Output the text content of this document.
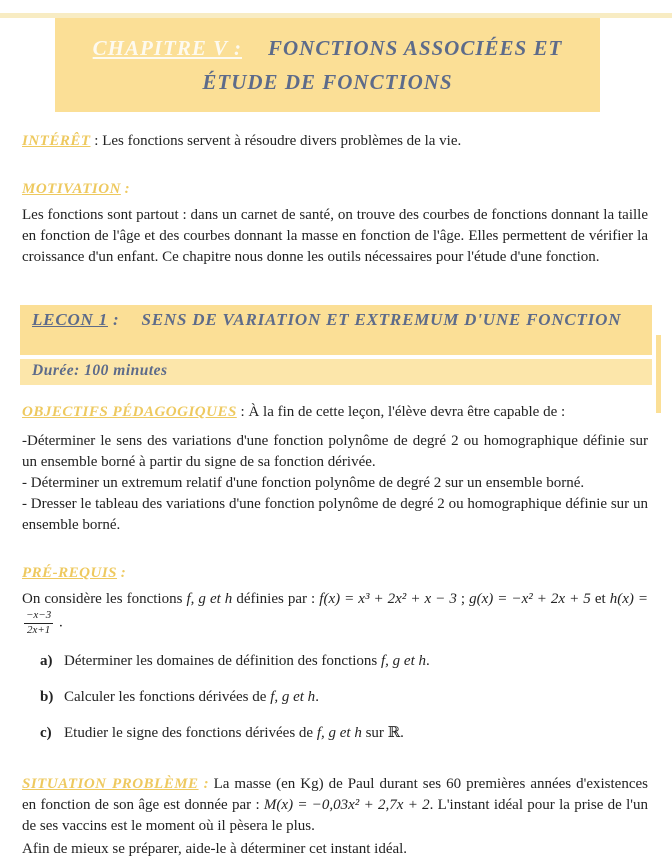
CHAPITRE V : FONCTIONS ASSOCIÉES ET
ÉTUDE DE FONCTIONS

INTÉRÊT : Les fonctions servent à résoudre divers problèmes de la vie.

MOTIVATION :

Les fonctions sont partout : dans un carnet de santé, on trouve des courbes de fonctions donnant la taille en fonction de l'âge et des courbes donnant la masse en fonction de l'âge. Elles permettent de vérifier la croissance d'un enfant. Ce chapitre nous donne les outils nécessaires pour l'étude d'une fonction.

LECON 1 : SENS DE VARIATION ET EXTREMUM D'UNE FONCTION
Durée: 100 minutes

OBJECTIFS PÉDAGOGIQUES : À la fin de cette leçon, l'élève devra être capable de :

-Déterminer le sens des variations d'une fonction polynôme de degré 2 ou homographique définie sur un ensemble borné à partir du signe de sa fonction dérivée.

- Déterminer un extremum relatif d'une fonction polynôme de degré 2 sur un ensemble borné.

- Dresser le tableau des variations d'une fonction polynôme de degré 2 ou homographique définie sur un ensemble borné.

PRÉ-REQUIS :

On considère les fonctions f, g et h définies par : f(x) = x³ + 2x² + x − 3 ; g(x) = −x² + 2x + 5 et h(x) =
$\frac{-x-3}{2x+1}$ .

a) Déterminer les domaines de définition des fonctions f, g et h.

b) Calculer les fonctions dérivées de f, g et h.

c) Etudier le signe des fonctions dérivées de f, g et h sur ℝ.

SITUATION PROBLÈME : La masse (en Kg) de Paul durant ses 60 premières années d'existences en fonction de son âge est donnée par : M(x) = −0,03x² + 2,7x + 2. L'instant idéal pour la prise de l'un de ses vaccins est le moment où il pèsera le plus.

Afin de mieux se préparer, aide-le à déterminer cet instant idéal.
